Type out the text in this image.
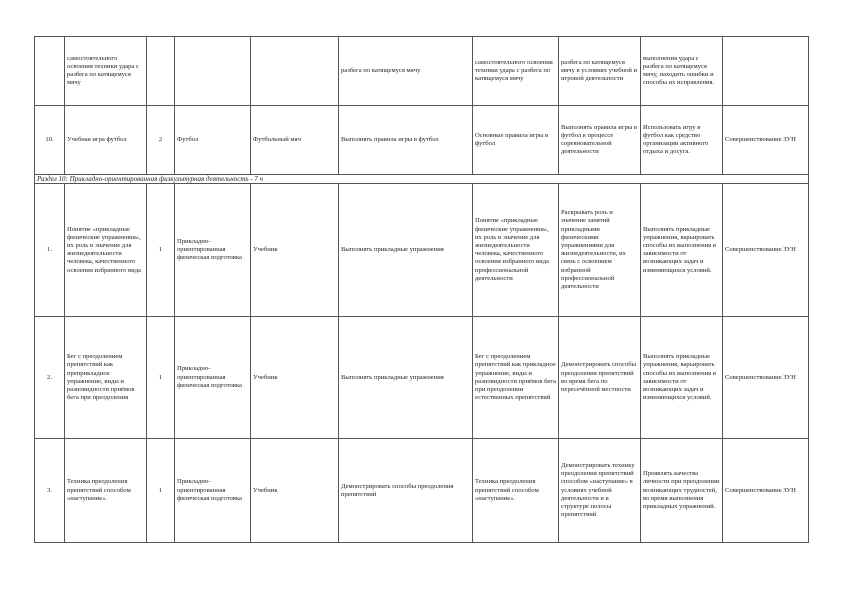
	самостоятельного освоения техники удара с разбега по катящемуся мячу				разбега по катящемуся мячу	самостоятельного освоения техники удара с разбега по катящемуся мячу	разбега по катящемуся мячу в условиях учебной и игровой деятельности	выполнения удара с разбега по катящемуся мячу, находить ошибки и способы их исправления.	
10.	Учебная игра футбол	2	Футбол	Футбольный мяч	Выполнять правила игры в футбол	Основные правила игры в футбол	Выполнять правила игры в футбол в процессе соревновательной деятельности	Использовать игру в футбол как средство организации активного отдыха и досуга.	Совершенствование ЗУН
Раздел 10: Прикладно-ориентированная физкультурная деятельность - 7 ч									
1.	Понятие «прикладные физические упражнения», их роль и значение для жизнедеятельности человека, качественного освоения избранного вида	1	Прикладно-ориентированная физическая подготовка	Учебник	Выполнять прикладные упражнения	Понятие «прикладные физические упражнения», их роль и значение для жизнедеятельности человека, качественного освоения избранного вида профессиональной деятельности	Раскрывать роль и значение занятий прикладными физическими упражнениями для жизнедеятельности, их связь с освоением избранной профессиональной деятельности	Выполнять прикладные упражнения, варьировать способы их выполнения в зависимости от возникающих задач и изменяющихся условий.	Совершенствование ЗУН
2.	Бег с преодолением препятствий как преприкладное упражнение, виды и разновидности приёмов бега при преодоления	1	Прикладно-ориентированная физическая подготовка	Учебник	Выполнять прикладные упражнения	Бег с преодолением препятствий как прикладное упражнение, виды и разновидности приёмов бега при преодолении естественных препятствий	Демонстрировать способы преодоления препятствий во время бега по пересечённой местности	Выполнять прикладные упражнения, варьировать способы их выполнения в зависимости от возникающих задач и изменяющихся условий.	Совершенствование ЗУН
3.	Техника преодоления препятствий способом «наступание».	1	Прикладно-ориентированная физическая подготовка	Учебник	Демонстрировать способы преодоления препятствий	Техника преодоления препятствий способом «наступание».	Демонстрировать технику преодоления препятствий способом «наступание» в условиях учебной деятельности и в структуре полосы препятствий	Проявлять качества личности при преодолении возникающих трудностей, во время выполнения прикладных упражнений.	Совершенствование ЗУН
